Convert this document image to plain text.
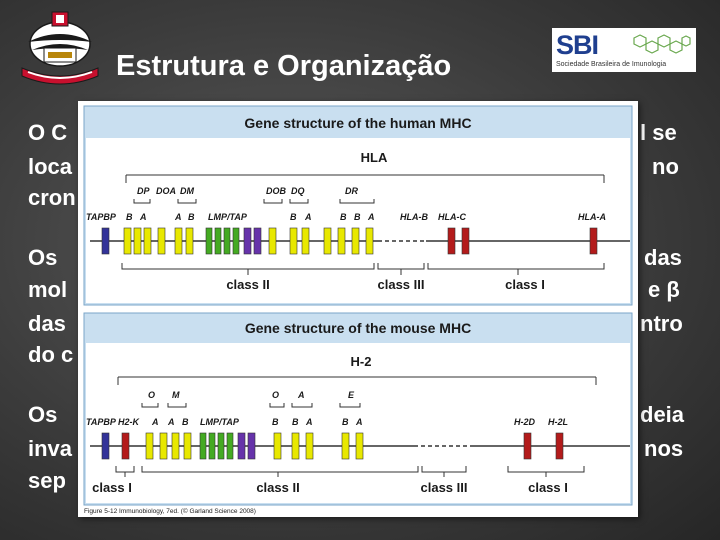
Estrutura e Organização
SBI
Sociedade Brasileira de Imunologia
O C	l se
loca	no
cron
Os	das
mol	e β
das	ntro
do c
Os	deia
inva	nos
sep
Gene structure of the human MHC
HLA
DP DOA DM	DOB DQ	DR
TAPBP B A	A B LMP/TAP	B A	B B A	HLA-B HLA-C	HLA-A
class II	class III	class I
Gene structure of the mouse MHC
H-2
O M	O A	E
TAPBP H2-K A A B LMP/TAP	B B A	B A	H-2D H-2L
class I	class II	class III	class I
Figure 5-12 Immunobiology, 7ed. (© Garland Science 2008)
